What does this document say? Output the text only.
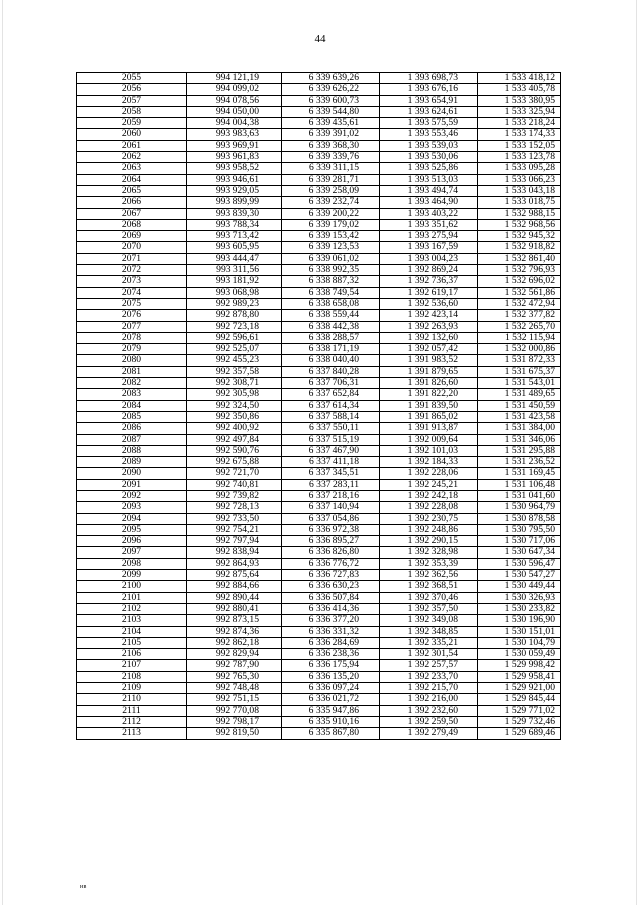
44
2055	994 121,19	6 339 639,26	1 393 698,73	1 533 418,12
2056	994 099,02	6 339 626,22	1 393 676,16	1 533 405,78
2057	994 078,56	6 339 600,73	1 393 654,91	1 533 380,95
2058	994 050,00	6 339 544,80	1 393 624,61	1 533 325,94
2059	994 004,38	6 339 435,61	1 393 575,59	1 533 218,24
2060	993 983,63	6 339 391,02	1 393 553,46	1 533 174,33
2061	993 969,91	6 339 368,30	1 393 539,03	1 533 152,05
2062	993 961,83	6 339 339,76	1 393 530,06	1 533 123,78
2063	993 958,52	6 339 311,15	1 393 525,86	1 533 095,28
2064	993 946,61	6 339 281,71	1 393 513,03	1 533 066,23
2065	993 929,05	6 339 258,09	1 393 494,74	1 533 043,18
2066	993 899,99	6 339 232,74	1 393 464,90	1 533 018,75
2067	993 839,30	6 339 200,22	1 393 403,22	1 532 988,15
2068	993 788,34	6 339 179,02	1 393 351,62	1 532 968,56
2069	993 713,42	6 339 153,42	1 393 275,94	1 532 945,32
2070	993 605,95	6 339 123,53	1 393 167,59	1 532 918,82
2071	993 444,47	6 339 061,02	1 393 004,23	1 532 861,40
2072	993 311,56	6 338 992,35	1 392 869,24	1 532 796,93
2073	993 181,92	6 338 887,32	1 392 736,37	1 532 696,02
2074	993 068,98	6 338 749,54	1 392 619,17	1 532 561,86
2075	992 989,23	6 338 658,08	1 392 536,60	1 532 472,94
2076	992 878,80	6 338 559,44	1 392 423,14	1 532 377,82
2077	992 723,18	6 338 442,38	1 392 263,93	1 532 265,70
2078	992 596,61	6 338 288,57	1 392 132,60	1 532 115,94
2079	992 525,07	6 338 171,19	1 392 057,42	1 532 000,86
2080	992 455,23	6 338 040,40	1 391 983,52	1 531 872,33
2081	992 357,58	6 337 840,28	1 391 879,65	1 531 675,37
2082	992 308,71	6 337 706,31	1 391 826,60	1 531 543,01
2083	992 305,98	6 337 652,84	1 391 822,20	1 531 489,65
2084	992 324,50	6 337 614,34	1 391 839,50	1 531 450,59
2085	992 350,86	6 337 588,14	1 391 865,02	1 531 423,58
2086	992 400,92	6 337 550,11	1 391 913,87	1 531 384,00
2087	992 497,84	6 337 515,19	1 392 009,64	1 531 346,06
2088	992 590,76	6 337 467,90	1 392 101,03	1 531 295,88
2089	992 675,88	6 337 411,18	1 392 184,33	1 531 236,52
2090	992 721,70	6 337 345,51	1 392 228,06	1 531 169,45
2091	992 740,81	6 337 283,11	1 392 245,21	1 531 106,48
2092	992 739,82	6 337 218,16	1 392 242,18	1 531 041,60
2093	992 728,13	6 337 140,94	1 392 228,08	1 530 964,79
2094	992 733,50	6 337 054,86	1 392 230,75	1 530 878,58
2095	992 754,21	6 336 972,38	1 392 248,86	1 530 795,50
2096	992 797,94	6 336 895,27	1 392 290,15	1 530 717,06
2097	992 838,94	6 336 826,80	1 392 328,98	1 530 647,34
2098	992 864,93	6 336 776,72	1 392 353,39	1 530 596,47
2099	992 875,64	6 336 727,83	1 392 362,56	1 530 547,27
2100	992 884,66	6 336 630,23	1 392 368,51	1 530 449,44
2101	992 890,44	6 336 507,84	1 392 370,46	1 530 326,93
2102	992 880,41	6 336 414,36	1 392 357,50	1 530 233,82
2103	992 873,15	6 336 377,20	1 392 349,08	1 530 196,90
2104	992 874,36	6 336 331,32	1 392 348,85	1 530 151,01
2105	992 862,18	6 336 284,69	1 392 335,21	1 530 104,79
2106	992 829,94	6 336 238,36	1 392 301,54	1 530 059,49
2107	992 787,90	6 336 175,94	1 392 257,57	1 529 998,42
2108	992 765,30	6 336 135,20	1 392 233,70	1 529 958,41
2109	992 748,48	6 336 097,24	1 392 215,70	1 529 921,00
2110	992 751,15	6 336 021,72	1 392 216,00	1 529 845,44
2111	992 770,08	6 335 947,86	1 392 232,60	1 529 771,02
2112	992 798,17	6 335 910,16	1 392 259,50	1 529 732,46
2113	992 819,50	6 335 867,80	1 392 279,49	1 529 689,46
нв
